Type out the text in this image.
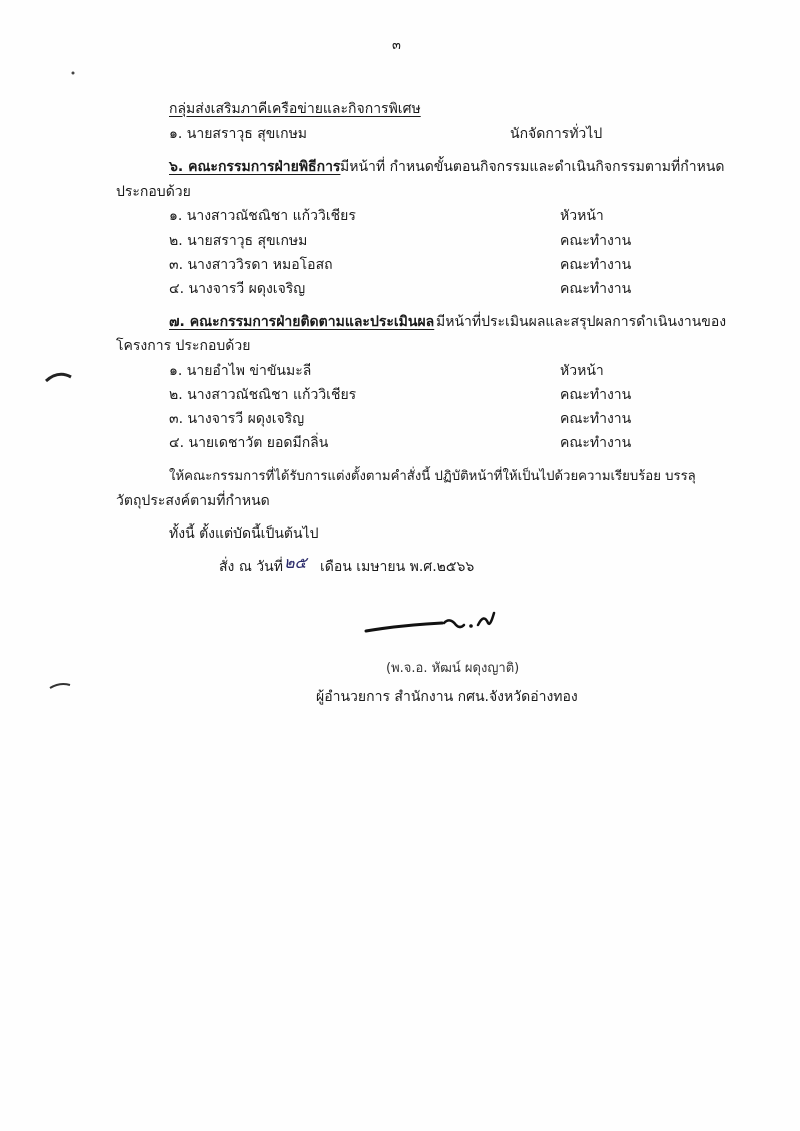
๓
กลุ่มส่งเสริมภาคีเครือข่ายและกิจการพิเศษ
๑. นายสราวุธ สุขเกษม	นักจัดการทั่วไป
๖. คณะกรรมการฝ่ายพิธีการ มีหน้าที่ กำหนดขั้นตอนกิจกรรมและดำเนินกิจกรรมตามที่กำหนด
ประกอบด้วย
๑. นางสาวณัชณิชา แก้ววิเชียร	หัวหน้า
๒. นายสราวุธ สุขเกษม	คณะทำงาน
๓. นางสาววิรดา หมอโอสถ	คณะทำงาน
๔. นางจารวี ผดุงเจริญ	คณะทำงาน
๗. คณะกรรมการฝ่ายติดตามและประเมินผล มีหน้าที่ประเมินผลและสรุปผลการดำเนินงานของ
โครงการ ประกอบด้วย
๑. นายอำไพ ข่าขันมะลี	หัวหน้า
๒. นางสาวณัชณิชา แก้ววิเชียร	คณะทำงาน
๓. นางจารวี ผดุงเจริญ	คณะทำงาน
๔. นายเดชาวัต ยอดมีกลิ่น	คณะทำงาน
ให้คณะกรรมการที่ได้รับการแต่งตั้งตามคำสั่งนี้ ปฏิบัติหน้าที่ให้เป็นไปด้วยความเรียบร้อย บรรลุ
วัตถุประสงค์ตามที่กำหนด
ทั้งนี้ ตั้งแต่บัดนี้เป็นต้นไป
สั่ง ณ วันที่ ๒๕ เดือน เมษายน พ.ศ.๒๕๖๖
(พ.จ.อ. หัฒน์ ผดุงญาติ)
ผู้อำนวยการ สำนักงาน กศน.จังหวัดอ่างทอง
